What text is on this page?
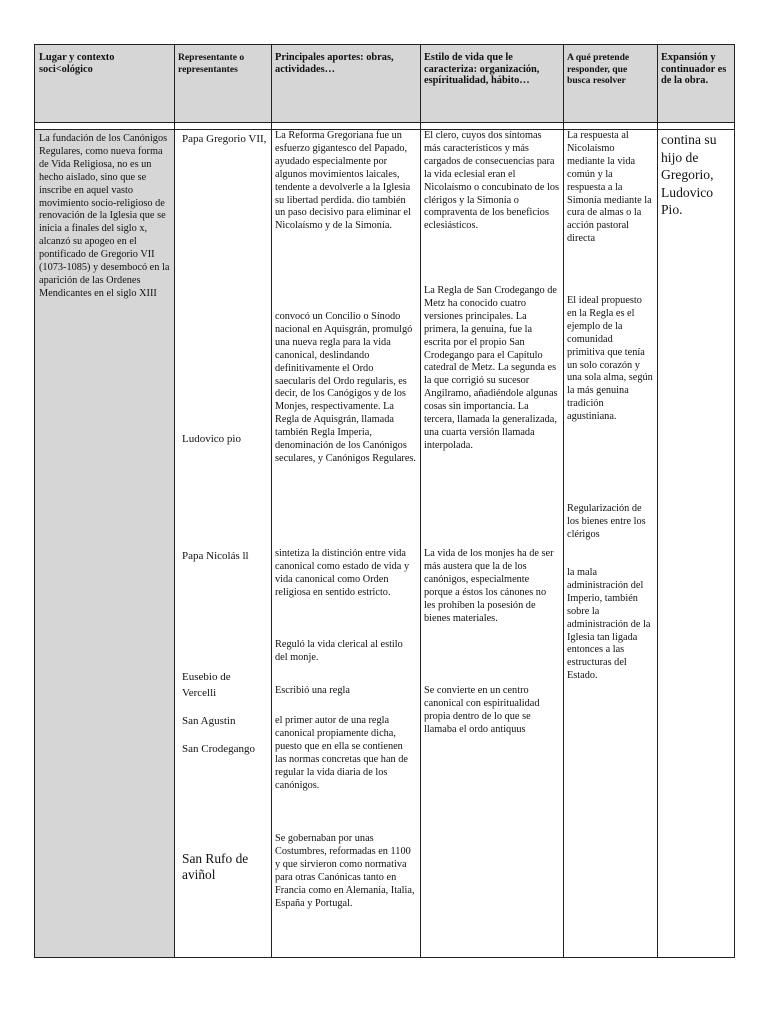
Lugar y contexto soci<ológico
Representante o representantes
Principales aportes: obras, actividades…
Estilo de vida que le caracteriza: organización, espíritualidad, hábito…
A qué pretende responder, que busca resolver
Expansión y continuador es de la obra.
La fundación de los Canónigos Regulares, como nueva forma de Vida Religiosa, no es un hecho aislado, sino que se inscribe en aquel vasto movimiento socio-religioso de renovación de la Iglesia que se inicia a finales del siglo x, alcanzó su apogeo en el pontificado de Gregorio VII (1073-1085) y desembocó en la aparición de las Ordenes Mendicantes en el siglo XIII
Papa Gregorio VII,
Ludovico pio
Papa Nicolás ll
Eusebio de Vercelli
San Agustin
San Crodegango
San Rufo de aviñol
La Reforma Gregoriana fue un esfuerzo gigantesco del Papado, ayudado especialmente por algunos movimientos laicales, tendente a devolverle a la Iglesia su libertad perdida. dio también un paso decisivo para eliminar el Nicolaísmo y de la Simonía.
convocó un Concilio o Sínodo nacional en Aquisgrán, promulgó una nueva regla para la vida canonical, deslindando definitivamente el Ordo saecularis del Ordo regularis, es decir, de los Canógigos y de los Monjes, respectivamente. La Regla de Aquisgrán, llamada también Regla Imperia, denominación de los Canónigos seculares, y Canónigos Regulares.
sintetiza la distinción entre vida canonical como estado de vida y vida canonical como Orden religiosa en sentido estricto.
Reguló la vida clerical al estilo del monje.
Escribió una regla
el primer autor de una regla canonical propiamente dicha, puesto que en ella se contienen las normas concretas que han de regular la vida diaria de los canónigos.
Se gobernaban por unas Costumbres, reformadas en 1100 y que sirvieron como normativa para otras Canónicas tanto en Francia como en Alemania, Italia, España y Portugal.
El clero, cuyos dos síntomas más característicos y más cargados de consecuencias para la vida eclesial eran el Nicolaísmo o concubinato de los clérigos y la Simonía o compraventa de los beneficios eclesiásticos.
La Regla de San Crodegango de Metz ha conocido cuatro versiones principales. La primera, la genuina, fue la escrita por el propio San Crodegango para el Capítulo catedral de Metz. La segunda es la que corrigió su sucesor Angilramo, añadiéndole algunas cosas sin importancia. La tercera, llamada la generalizada, una cuarta versión llamada interpolada.
La vida de los monjes ha de ser más austera que la de los canónigos, especialmente porque a éstos los cánones no les prohíben la posesión de bienes materiales.
Se convierte en un centro canonical con espiritualidad propia dentro de lo que se llamaba el ordo antiquus
La respuesta al Nicolaísmo mediante la vida común y la respuesta a la Simonía mediante la cura de almas o la acción pastoral directa
El ideal propuesto en la Regla es el ejemplo de la comunidad primitiva que tenía un solo corazón y una sola alma, según la más genuina tradición agustiniana.
Regularización de los bienes entre los clérigos
la mala administración del Imperio, también sobre la administración de la Iglesia tan ligada entonces a las estructuras del Estado.
contina su hijo de Gregorio, Ludovico Pio.
